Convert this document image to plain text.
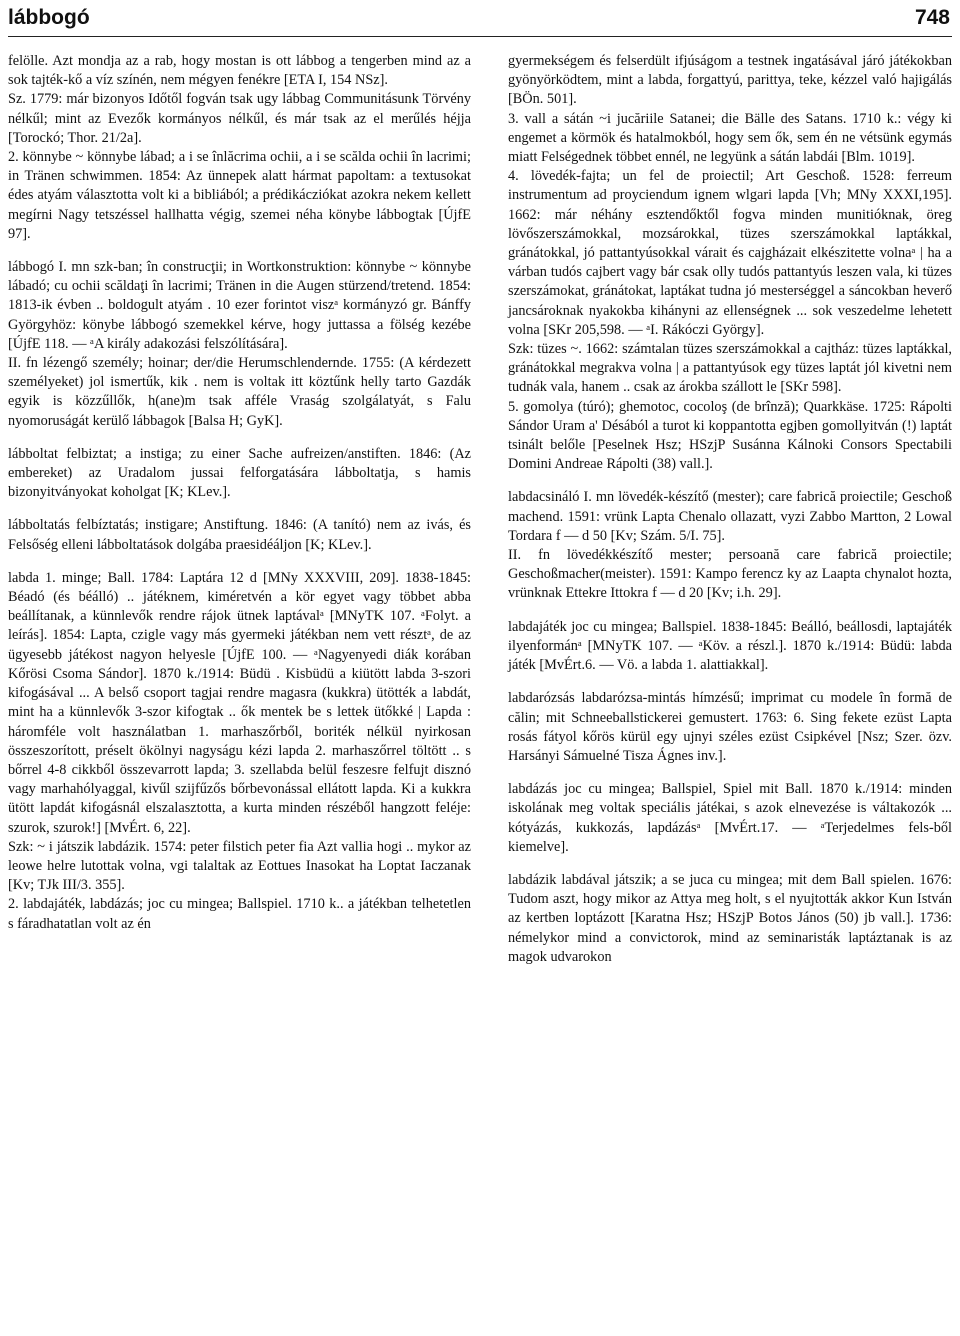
lábbogó	748

felölle. Azt mondja az a rab, hogy mostan is ott lábbog a tengerben mind az a sok tajték-kő a víz színén, nem mégyen fenékre [ETA I, 154 NSz].

Sz. 1779: már bizonyos Időtől fogván tsak ugy lábbag Communitásunk Törvény nélkűl; mint az Evezők kormányos nélkűl, és már tsak az el merűlés héjja [Torockó; Thor. 21/2a].

2. könnybe ~ könnybe lábad; a i se înlăcrima ochii, a i se scălda ochii în lacrimi; in Tränen schwimmen. 1854: Az ünnepek alatt hármat papoltam: a textusokat édes atyám választotta volt ki a bibliából; a prédikácziókat azokra nekem kellett megírni Nagy tetszéssel hallhatta végig, szemei néha könybe lábbogtak [ÚjfE 97].

lábbogó I. mn szk-ban; în construcţii; in Wortkonstruktion: könnybe ~ könnybe lábadó; cu ochii scăldaţi în lacrimi; Tränen in die Augen stürzend/tretend. 1854: 1813-ik évben .. boldogult atyám . 10 ezer forintot viszᵃ kormányzó gr. Bánffy Györgyhöz: könybe lábbogó szemekkel kérve, hogy juttassa a fölség kezébe [ÚjfE 118. — ᵃA király adakozási felszólítására].

II. fn lézengő személy; hoinar; der/die Herumschlendernde. 1755: (A kérdezett személyeket) jol ismertűk, kik . nem is voltak itt köztűnk helly tarto Gazdák egyik is közzűllők, h(ane)m tsak afféle Vraság szolgálatyát, s Falu nyomoruságát kerülő lábbagok [Balsa H; GyK].

lábboltat felbiztat; a instiga; zu einer Sache aufreizen/anstiften. 1846: (Az embereket) az Uradalom jussai felforgatására lábboltatja, s hamis bizonyitványokat koholgat [K; KLev.].

lábboltatás felbíztatás; instigare; Anstiftung. 1846: (A tanító) nem az ivás, és Felsőség elleni lábboltatások dolgába praesidéáljon [K; KLev.].

labda 1. minge; Ball. 1784: Laptára 12 d [MNy XXXVIII, 209]. 1838-1845: Béadó (és béálló) .. játéknem, kiméretvén a kör egyet vagy többet abba beállítanak, a künnlevők rendre rájok ütnek laptávalᵃ [MNyTK 107. ᵃFolyt. a leírás]. 1854: Lapta, czigle vagy más gyermeki játékban nem vett résztᵃ, de az ügyesebb játékost nagyon helyesle [ÚjfE 100. — ᵃNagyenyedi diák korában Kőrösi Csoma Sándor]. 1870 k./1914: Büdü . Kisbüdü a kiütött labda 3-szori kifogásával ... A belső csoport tagjai rendre magasra (kukkra) ütötték a labdát, mint ha a künnlevők 3-szor kifogtak .. ők mentek be s lettek ütőkké | Lapda : háromféle volt használatban 1. marhaszőrből, boriték nélkül nyirkosan összeszorított, préselt ökölnyi nagyságu kézi lapda 2. marhaszőrrel töltött .. s bőrrel 4-8 cikkből összevarrott lapda; 3. szellabda belül feszesre felfujt disznó vagy marhahólyaggal, kivűl szijfűzős bőrbevonással ellátott lapda. Ki a kukkra ütött lapdát kifogásnál elszalasztotta, a kurta minden részéből hangzott feléje: szurok, szurok!] [MvÉrt. 6, 22].

Szk: ~ i játszik labdázik. 1574: peter filstich peter fia Azt vallia hogi .. mykor az leowe helre lutottak volna, vgi talaltak az Eottues Inasokat ha Loptat Iaczanak [Kv; TJk III/3. 355].

2. labdajáték, labdázás; joc cu mingea; Ballspiel. 1710 k.. a játékban telhetetlen s fáradhatatlan volt az én

gyermekségem és felserdült ifjúságom a testnek ingatásával járó játékokban gyönyörködtem, mint a labda, forgattyú, parittya, teke, kézzel való hajigálás [BÖn. 501].

3. vall a sátán ~i jucăriile Satanei; die Bälle des Satans. 1710 k.: végy ki engemet a körmök és hatalmokból, hogy sem ők, sem én ne vétsünk egymás miatt Felségednek többet ennél, ne legyünk a sátán labdái [Blm. 1019].

4. lövedék-fajta; un fel de proiectil; Art Geschoß. 1528: ferreum instrumentum ad proyciendum ignem wlgari lapda [Vh; MNy XXXI,195]. 1662: már néhány esztendőktől fogva minden munitióknak, öreg lövőszerszámokkal, mozsárokkal, tüzes szerszámokkal laptákkal, gránátokkal, jó pattantyúsokkal várait és cajgházait elkészitette volnaᵃ | ha a várban tudós cajbert vagy bár csak olly tudós pattantyús leszen vala, ki tüzes szerszámokat, gránátokat, laptákat tudna jó mesterséggel a sáncokban heverő jancsároknak nyakokba kihányni az ellenségnek ... sok veszedelme lehetett volna [SKr 205,598. — ᵃI. Rákóczi György].

Szk: tüzes ~. 1662: számtalan tüzes szerszámokkal a cajtház: tüzes laptákkal, gránátokkal megrakva volna | a pattantyúsok egy tüzes laptát jól kivetni nem tudnák vala, hanem .. csak az árokba szállott le [SKr 598].

5. gomolya (túró); ghemotoc, cocoloş (de brînză); Quarkkäse. 1725: Rápolti Sándor Uram a' Désából a turot ki koppantotta egjben gomollyitván (!) laptát tsinált belőle [Peselnek Hsz; HSzjP Susánna Kálnoki Consors Spectabili Domini Andreae Rápolti (38) vall.].

labdacsináló I. mn lövedék-készítő (mester); care fabrică proiectile; Geschoß machend. 1591: vrünk Lapta Chenalo ollazatt, vyzi Zabbo Martton, 2 Lowal Tordara f — d 50 [Kv; Szám. 5/I. 75].

II. fn lövedékkészítő mester; persoană care fabrică proiectile; Geschoßmacher(meister). 1591: Kampo ferencz ky az Laapta chynalot hozta, vrünknak Ettekre Ittokra f — d 20 [Kv; i.h. 29].

labdajáték joc cu mingea; Ballspiel. 1838-1845: Beálló, beállosdi, laptajáték ilyenformánᵃ [MNyTK 107. — ᵃKöv. a részl.]. 1870 k./1914: Büdü: labda játék [MvÉrt.6. — Vö. a labda 1. alattiakkal].

labdarózsás labdarózsa-mintás hímzésű; imprimat cu modele în formă de călin; mit Schneeballstickerei gemustert. 1763: 6. Sing fekete ezüst Lapta rosás fátyol kőrös kürül egy ujnyi széles ezüst Csipkével [Nsz; Szer. özv. Harsányi Sámuelné Tisza Ágnes inv.].

labdázás joc cu mingea; Ballspiel, Spiel mit Ball. 1870 k./1914: minden iskolának meg voltak speciális játékai, s azok elnevezése is váltakozók ... kótyázás, kukkozás, lapdázásᵃ [MvÉrt.17. — ᵃTerjedelmes fels-ből kiemelve].

labdázik labdával játszik; a se juca cu mingea; mit dem Ball spielen. 1676: Tudom aszt, hogy mikor az Attya meg holt, s el nyujtották akkor Kun István az kertben loptázott [Karatna Hsz; HSzjP Botos János (50) jb vall.]. 1736: némelykor mind a convictorok, mind az seminaristák laptáztanak is az magok udvarokon
